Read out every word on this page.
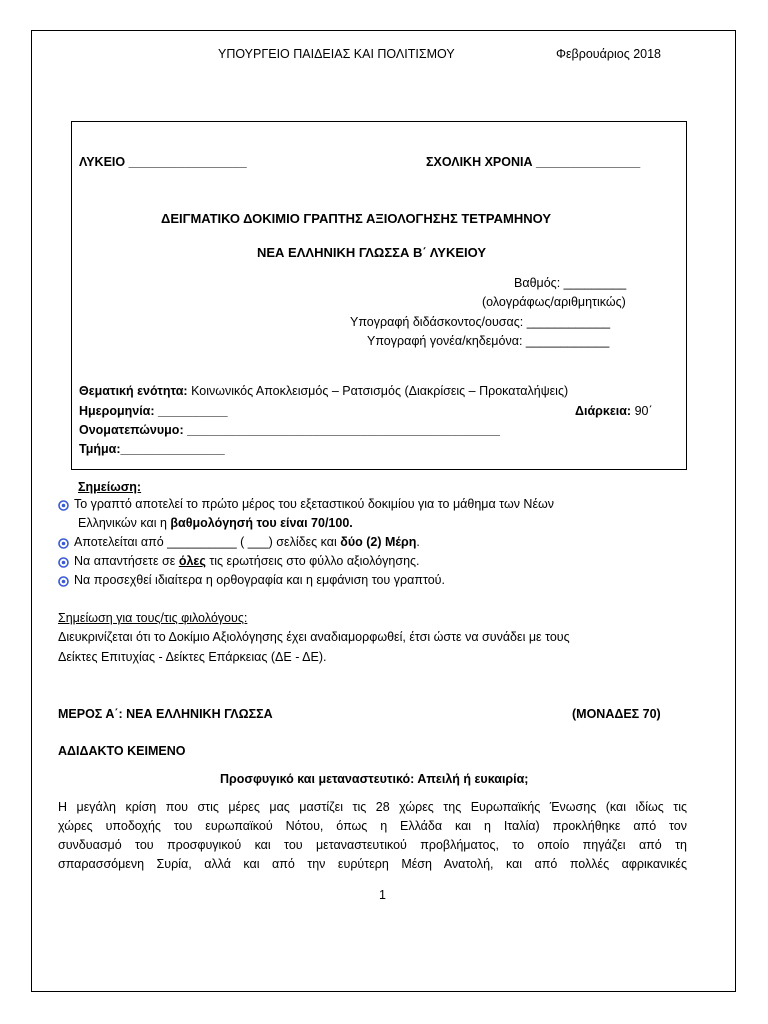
ΥΠΟΥΡΓΕΙΟ ΠΑΙΔΕΙΑΣ ΚΑΙ ΠΟΛΙΤΙΣΜΟΥ	Φεβρουάριος 2018
ΛΥΚΕΙΟ _________________	ΣΧΟΛΙΚΗ ΧΡΟΝΙΑ _______________
ΔΕΙΓΜΑΤΙΚΟ ΔΟΚΙΜΙΟ ΓΡΑΠΤΗΣ ΑΞΙΟΛΟΓΗΣΗΣ ΤΕΤΡΑΜΗΝΟΥ
ΝΕΑ ΕΛΛΗΝΙΚΗ ΓΛΩΣΣΑ Β΄ ΛΥΚΕΙΟΥ
Βαθμός: _________
(ολογράφως/αριθμητικώς)
Υπογραφή διδάσκοντος/ουσας: ____________
Υπογραφή γονέα/κηδεμόνα: ____________
Θεματική ενότητα: Κοινωνικός Αποκλεισμός – Ρατσισμός (Διακρίσεις – Προκαταλήψεις)
Ημερομηνία: __________	Διάρκεια: 90΄
Ονοματεπώνυμο: _____________________________________________
Τμήμα:_______________
Σημείωση:
Το γραπτό αποτελεί το πρώτο μέρος του εξεταστικού δοκιμίου για το μάθημα των Νέων
Ελληνικών και η βαθμολόγησή του είναι 70/100.
Αποτελείται από __________ ( ___) σελίδες και δύο (2) Μέρη.
Να απαντήσετε σε όλες τις ερωτήσεις στο φύλλο αξιολόγησης.
Να προσεχθεί ιδιαίτερα η ορθογραφία και η εμφάνιση του γραπτού.
Σημείωση για τους/τις φιλολόγους:
Διευκρινίζεται ότι το Δοκίμιο Αξιολόγησης έχει αναδιαμορφωθεί, έτσι ώστε να συνάδει με τους
Δείκτες Επιτυχίας - Δείκτες Επάρκειας (ΔΕ - ΔΕ).
ΜΕΡΟΣ Α΄: ΝΕΑ ΕΛΛΗΝΙΚΗ ΓΛΩΣΣΑ	(ΜΟΝΑΔΕΣ 70)
ΑΔΙΔΑΚΤΟ ΚΕΙΜΕΝΟ
Προσφυγικό και μεταναστευτικό: Απειλή ή ευκαιρία;
Η μεγάλη κρίση που στις μέρες μας μαστίζει τις 28 χώρες της Ευρωπαϊκής Ένωσης (και ιδίως τις
χώρες υποδοχής του ευρωπαϊκού Νότου, όπως η Ελλάδα και η Ιταλία) προκλήθηκε από τον
συνδυασμό του προσφυγικού και του μεταναστευτικού προβλήματος, το οποίο πηγάζει από τη
σπαρασσόμενη Συρία, αλλά και από την ευρύτερη Μέση Ανατολή, και από πολλές αφρικανικές
1
